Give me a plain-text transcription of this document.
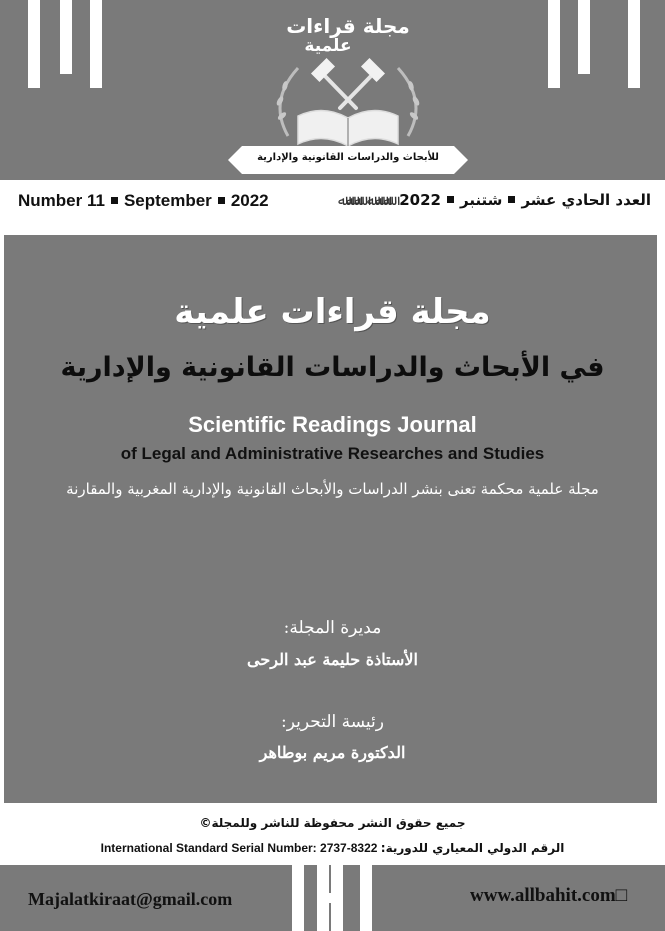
مجلة قراءات
علمية
للأبحاث والدراسات القانونية والإدارية
Number 11 September 2022	ﷲﷲﷲ ﷲﷲﷲ	العدد الحادي عشرشتنبر2022
مجلة قراءات علمية
في الأبحاث والدراسات القانونية والإدارية
Scientific Readings Journal
of Legal and Administrative Researches and Studies
مجلة علمية محكمة تعنى بنشر الدراسات والأبحاث القانونية والإدارية المغربية والمقارنة
مديرة المجلة:
الأستاذة حليمة عبد الرحى
رئيسة التحرير:
الدكتورة مريم بوطاهر
جميع حقوق النشر محفوظة للناشر وللمجلة©
International Standard Serial Number: 2737-8322 الرقم الدولي المعياري للدورية:
Majalatkiraat@gmail.com	www.allbahit.com□
